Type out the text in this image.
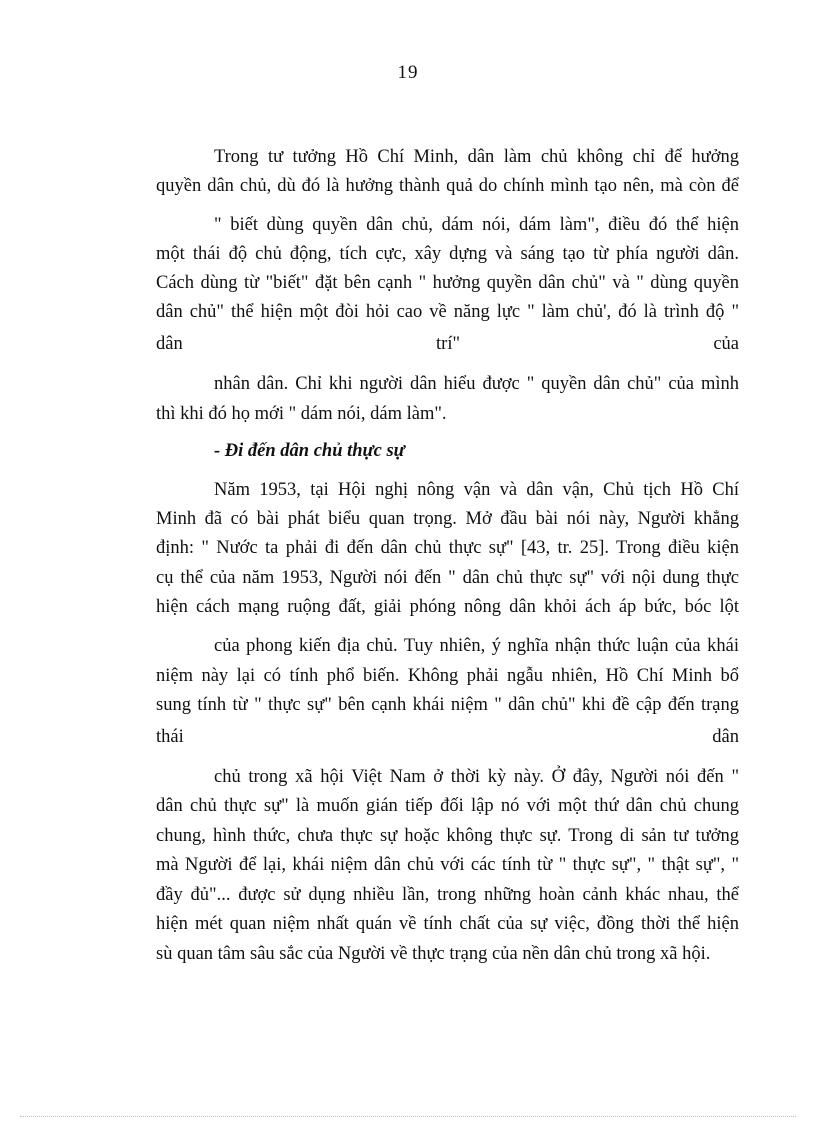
19
Trong tư tưởng Hồ Chí Minh, dân làm chủ không chỉ để hưởng
quyền dân chủ, dù đó là hưởng thành quả do chính mình tạo nên, mà còn để
" biết dùng quyền dân chủ, dám nói, dám làm", điều đó thể hiện
một thái độ chủ động, tích cực, xây dựng và sáng tạo từ phía người dân.
Cách dùng từ "biết" đặt bên cạnh " hưởng quyền dân chủ" và " dùng quyền
dân chủ" thể hiện một đòi hỏi cao về năng lực " làm chủ', đó là trình độ "
dân trí" của
nhân dân. Chỉ khi người dân hiểu được " quyền dân chủ" của mình
thì khi đó họ mới " dám nói, dám làm".
- Đi đến dân chủ thực sự
Năm 1953, tại Hội nghị nông vận và dân vận, Chủ tịch Hồ Chí
Minh đã có bài phát biểu quan trọng. Mở đầu bài nói này, Người khẳng
định: " Nước ta phải đi đến dân chủ thực sự" [43, tr. 25]. Trong điều kiện
cụ thể của năm 1953, Người nói đến " dân chủ thực sự" với nội dung thực
hiện cách mạng ruộng đất, giải phóng nông dân khỏi ách áp bức, bóc lột
của phong kiến địa chủ. Tuy nhiên, ý nghĩa nhận thức luận của khái
niệm này lại có tính phổ biến. Không phải ngẫu nhiên, Hồ Chí Minh bổ
sung tính từ " thực sự" bên cạnh khái niệm " dân chủ" khi đề cập đến trạng
thái dân
chủ trong xã hội Việt Nam ở thời kỳ này. Ở đây, Người nói đến "
dân chủ thực sự" là muốn gián tiếp đối lập nó với một thứ dân chủ chung
chung, hình thức, chưa thực sự hoặc không thực sự. Trong di sản tư tưởng
mà Người để lại, khái niệm dân chủ với các tính từ " thực sự", " thật sự", "
đầy đủ"... được sử dụng nhiều lần, trong những hoàn cảnh khác nhau, thể
hiện mét quan niệm nhất quán về tính chất của sự việc, đồng thời thể hiện
sù quan tâm sâu sắc của Người về thực trạng của nền dân chủ trong xã hội.
